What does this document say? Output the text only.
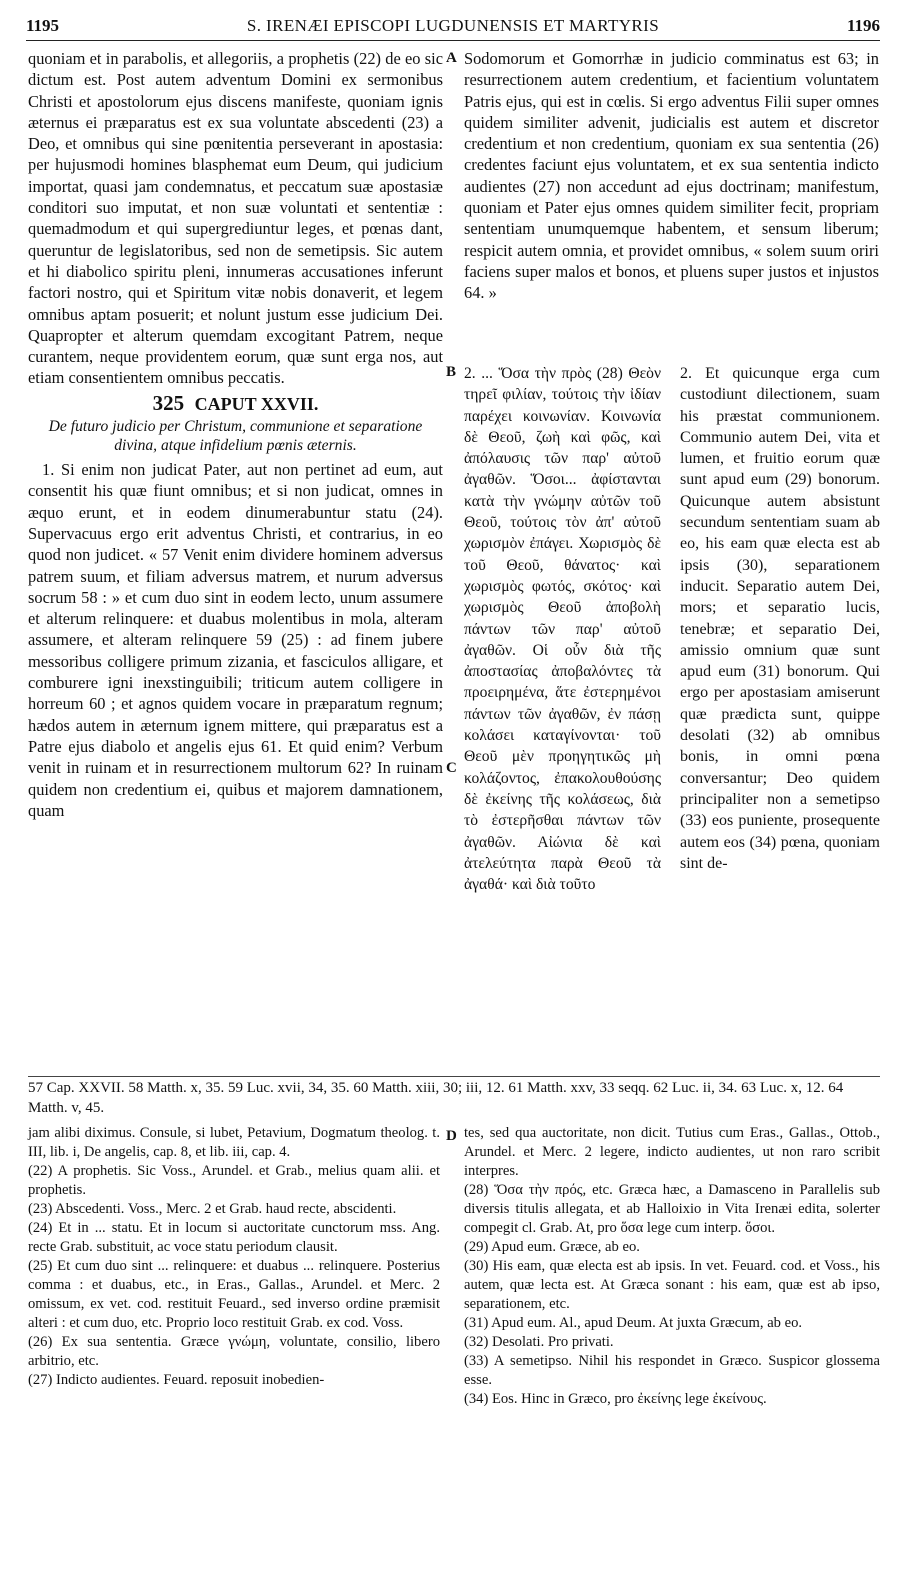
1195	S. IRENÆI EPISCOPI LUGDUNENSIS ET MARTYRIS	1196
A
B
C
D

quoniam et in parabolis, et allegoriis, a prophetis (22) de eo sic dictum est. Post autem adventum Domini ex sermonibus Christi et apostolorum ejus discens manifeste, quoniam ignis æternus ei præparatus est ex sua voluntate abscedenti (23) a Deo, et omnibus qui sine pœnitentia perseverant in apostasia: per hujusmodi homines blasphemat eum Deum, qui judicium importat, quasi jam condemnatus, et peccatum suæ apostasiæ conditori suo imputat, et non suæ voluntati et sententiæ : quemadmodum et qui supergrediuntur leges, et pœnas dant, queruntur de legislatoribus, sed non de semetipsis. Sic autem et hi diabolico spiritu pleni, innumeras accusationes inferunt factori nostro, qui et Spiritum vitæ nobis donaverit, et legem omnibus aptam posuerit; et nolunt justum esse judicium Dei. Quapropter et alterum quemdam excogitant Patrem, neque curantem, neque providentem eorum, quæ sunt erga nos, aut etiam consentientem omnibus peccatis.

325 CAPUT XXVII.

De futuro judicio per Christum, communione et separatione divina, atque infidelium pœnis æternis.

1. Si enim non judicat Pater, aut non pertinet ad eum, aut consentit his quæ fiunt omnibus; et si non judicat, omnes in æquo erunt, et in eodem dinumerabuntur statu (24). Supervacuus ergo erit adventus Christi, et contrarius, in eo quod non judicet. « 57 Venit enim dividere hominem adversus patrem suum, et filiam adversus matrem, et nurum adversus socrum 58 : » et cum duo sint in eodem lecto, unum assumere et alterum relinquere: et duabus molentibus in mola, alteram assumere, et alteram relinquere 59 (25) : ad finem jubere messoribus colligere primum zizania, et fasciculos alligare, et comburere igni inexstinguibili; triticum autem colligere in horreum 60 ; et agnos quidem vocare in præparatum regnum; hædos autem in æternum ignem mittere, qui præparatus est a Patre ejus diabolo et angelis ejus 61. Et quid enim? Verbum venit in ruinam et in resurrectionem multorum 62? In ruinam quidem non credentium ei, quibus et majorem damnationem, quam

Sodomorum et Gomorrhæ in judicio comminatus est 63; in resurrectionem autem credentium, et facientium voluntatem Patris ejus, qui est in cœlis. Si ergo adventus Filii super omnes quidem similiter advenit, judicialis est autem et discretor credentium et non credentium, quoniam ex sua sententia (26) credentes faciunt ejus voluntatem, et ex sua sententia indicto audientes (27) non accedunt ad ejus doctrinam; manifestum, quoniam et Pater ejus omnes quidem similiter fecit, propriam sententiam unumquemque habentem, et sensum liberum; respicit autem omnia, et providet omnibus, « solem suum oriri faciens super malos et bonos, et pluens super justos et injustos 64. »

2. ... Ὅσα τὴν πρὸς (28) Θεὸν τηρεῖ φιλίαν, τούτοις τὴν ἰδίαν παρέχει κοινωνίαν. Κοινωνία δὲ Θεοῦ, ζωὴ καὶ φῶς, καὶ ἀπόλαυσις τῶν παρ' αὐτοῦ ἀγαθῶν. Ὅσοι... ἀφίστανται κατὰ τὴν γνώμην αὐτῶν τοῦ Θεοῦ, τούτοις τὸν ἀπ' αὐτοῦ χωρισμὸν ἐπάγει. Χωρισμὸς δὲ τοῦ Θεοῦ, θάνατος· καὶ χωρισμὸς φωτός, σκότος· καὶ χωρισμὸς Θεοῦ ἀποβολὴ πάντων τῶν παρ' αὐτοῦ ἀγαθῶν. Οἱ οὖν διὰ τῆς ἀποστασίας ἀποβαλόντες τὰ προειρημένα, ἅτε ἐστερημένοι πάντων τῶν ἀγαθῶν, ἐν πάσῃ κολάσει καταγίνονται· τοῦ Θεοῦ μὲν προηγητικῶς μὴ κολάζοντος, ἐπακολουθούσης δὲ ἐκείνης τῆς κολάσεως, διὰ τὸ ἐστερῆσθαι πάντων τῶν ἀγαθῶν. Αἰώνια δὲ καὶ ἀτελεύτητα παρὰ Θεοῦ τὰ ἀγαθά· καὶ διὰ τοῦτο
2. Et quicunque erga cum custodiunt dilectionem, suam his præstat communionem. Communio autem Dei, vita et lumen, et fruitio eorum quæ sunt apud eum (29) bonorum. Quicunque autem absistunt secundum sententiam suam ab eo, his eam quæ electa est ab ipsis (30), separationem inducit. Separatio autem Dei, mors; et separatio lucis, tenebræ; et separatio Dei, amissio omnium quæ sunt apud eum (31) bonorum. Qui ergo per apostasiam amiserunt quæ prædicta sunt, quippe desolati (32) ab omnibus bonis, in omni pœna conversantur; Deo quidem principaliter non a semetipso (33) eos puniente, prosequente autem eos (34) pœna, quoniam sint de-
57 Cap. XXVII. 58 Matth. x, 35. 59 Luc. xvii, 34, 35. 60 Matth. xiii, 30; iii, 12. 61 Matth. xxv, 33 seqq. 62 Luc. ii, 34. 63 Luc. x, 12. 64 Matth. v, 45.

jam alibi diximus. Consule, si lubet, Petavium, Dogmatum theolog. t. III, lib. i, De angelis, cap. 8, et lib. iii, cap. 4.

(22) A prophetis. Sic Voss., Arundel. et Grab., melius quam alii. et prophetis.

(23) Abscedenti. Voss., Merc. 2 et Grab. haud recte, abscidenti.

(24) Et in ... statu. Et in locum si auctoritate cunctorum mss. Ang. recte Grab. substituit, ac voce statu periodum clausit.

(25) Et cum duo sint ... relinquere: et duabus ... relinquere. Posterius comma : et duabus, etc., in Eras., Gallas., Arundel. et Merc. 2 omissum, ex vet. cod. restituit Feuard., sed inverso ordine præmisit alteri : et cum duo, etc. Proprio loco restituit Grab. ex cod. Voss.

(26) Ex sua sententia. Græce γνώμη, voluntate, consilio, libero arbitrio, etc.

(27) Indicto audientes. Feuard. reposuit inobedien-

tes, sed qua auctoritate, non dicit. Tutius cum Eras., Gallas., Ottob., Arundel. et Merc. 2 legere, indicto audientes, ut non raro scribit interpres.

(28) Ὅσα τὴν πρός, etc. Græca hæc, a Damasceno in Parallelis sub diversis titulis allegata, et ab Halloixio in Vita Irenæi edita, solerter compegit cl. Grab. At, pro ὅσα lege cum interp. ὅσοι.

(29) Apud eum. Græce, ab eo.

(30) His eam, quæ electa est ab ipsis. In vet. Feuard. cod. et Voss., his autem, quæ lecta est. At Græca sonant : his eam, quæ est ab ipso, separationem, etc.

(31) Apud eum. Al., apud Deum. At juxta Græcum, ab eo.

(32) Desolati. Pro privati.

(33) A semetipso. Nihil his respondet in Græco. Suspicor glossema esse.

(34) Eos. Hinc in Græco, pro ἐκείνης lege ἐκείνους.
